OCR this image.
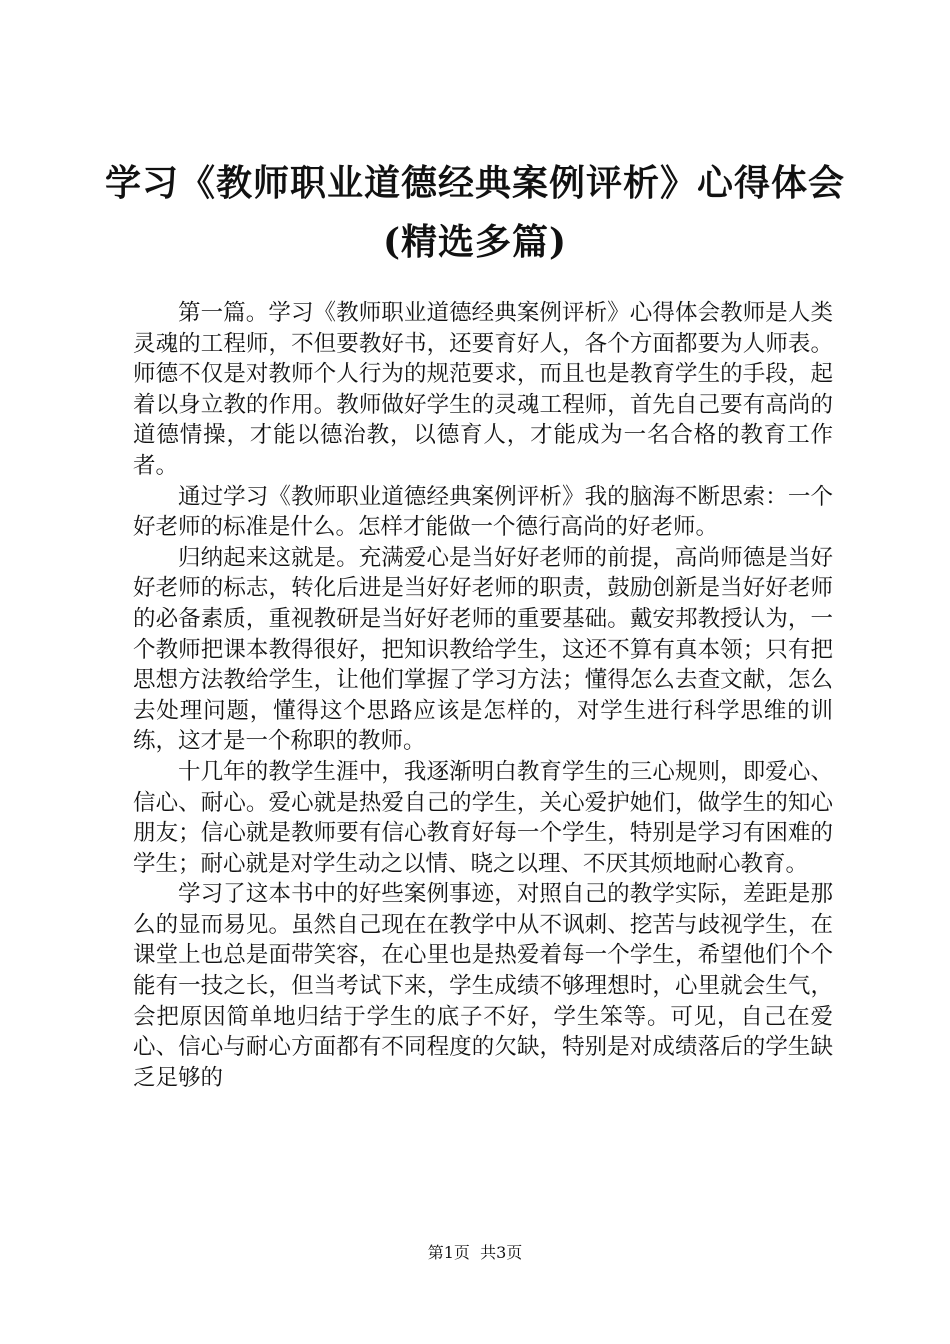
学习《教师职业道德经典案例评析》心得体会
(精选多篇)

第一篇。学习《教师职业道德经典案例评析》心得体会教师是人类灵魂的工程师，不但要教好书，还要育好人，各个方面都要为人师表。师德不仅是对教师个人行为的规范要求，而且也是教育学生的手段，起着以身立教的作用。教师做好学生的灵魂工程师，首先自己要有高尚的道德情操，才能以德治教，以德育人，才能成为一名合格的教育工作者。

通过学习《教师职业道德经典案例评析》我的脑海不断思索：一个好老师的标准是什么。怎样才能做一个德行高尚的好老师。

归纳起来这就是。充满爱心是当好好老师的前提，高尚师德是当好好老师的标志，转化后进是当好好老师的职责，鼓励创新是当好好老师的必备素质，重视教研是当好好老师的重要基础。戴安邦教授认为，一个教师把课本教得很好，把知识教给学生，这还不算有真本领；只有把思想方法教给学生，让他们掌握了学习方法；懂得怎么去查文献，怎么去处理问题，懂得这个思路应该是怎样的，对学生进行科学思维的训练，这才是一个称职的教师。

十几年的教学生涯中，我逐渐明白教育学生的三心规则，即爱心、信心、耐心。爱心就是热爱自己的学生，关心爱护她们，做学生的知心朋友；信心就是教师要有信心教育好每一个学生，特别是学习有困难的学生；耐心就是对学生动之以情、晓之以理、不厌其烦地耐心教育。

学习了这本书中的好些案例事迹，对照自己的教学实际，差距是那么的显而易见。虽然自己现在在教学中从不讽刺、挖苦与歧视学生，在课堂上也总是面带笑容，在心里也是热爱着每一个学生，希望他们个个能有一技之长，但当考试下来，学生成绩不够理想时，心里就会生气，会把原因简单地归结于学生的底子不好，学生笨等。可见，自己在爱心、信心与耐心方面都有不同程度的欠缺，特别是对成绩落后的学生缺乏足够的

第1页  共3页
